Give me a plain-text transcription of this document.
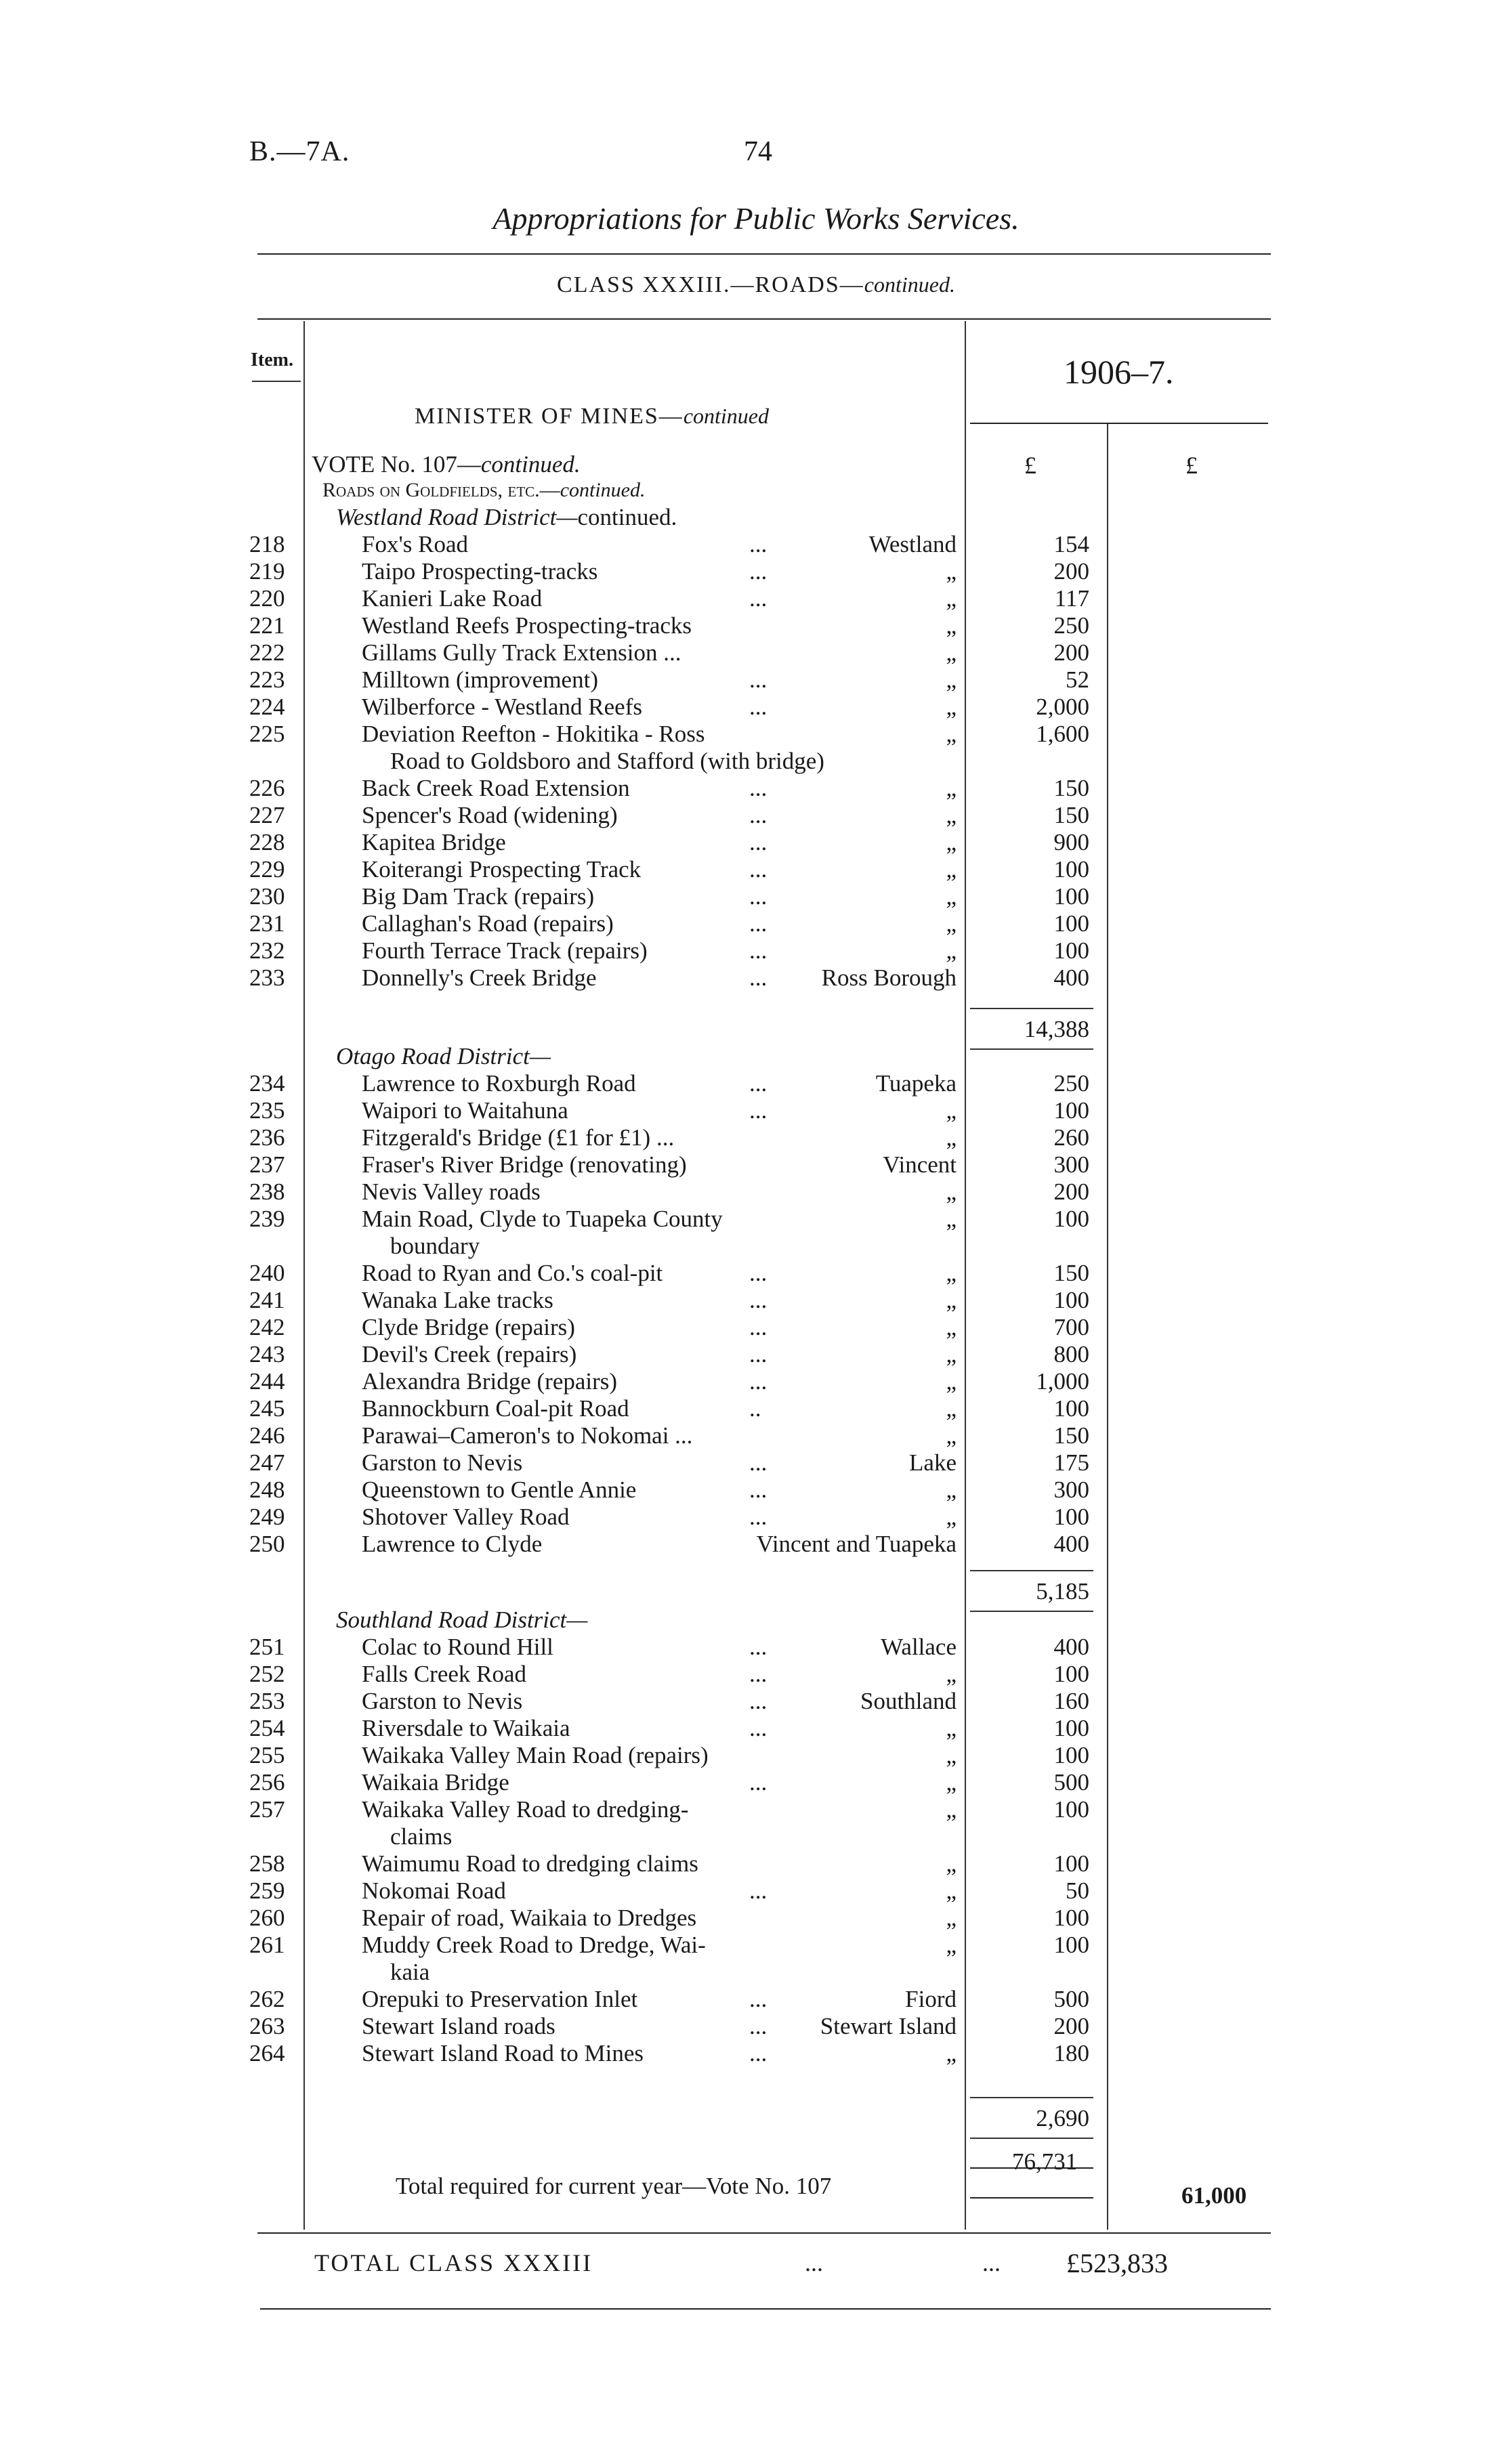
B.—7A.	74
Appropriations for Public Works Services.
CLASS XXXIII.—ROADS—continued.
Item.	1906–7.
MINISTER OF MINES—continued
£	£
VOTE No. 107—continued.
Roads on Goldfields, etc.—continued.
Westland Road District—continued.
218	Fox's Road	...	Westland	154
219	Taipo Prospecting-tracks	...	„	200
220	Kanieri Lake Road	...	„	117
221	Westland Reefs Prospecting-tracks	„	250
222	Gillams Gully Track Extension ...	„	200
223	Milltown (improvement)	...	„	52
224	Wilberforce - Westland Reefs	...	„	2,000
225	Deviation Reefton - Hokitika - Ross	„	1,600
Road to Goldsboro and Stafford (with bridge)
226	Back Creek Road Extension	...	„	150
227	Spencer's Road (widening)	...	„	150
228	Kapitea Bridge	...	„	900
229	Koiterangi Prospecting Track	...	„	100
230	Big Dam Track (repairs)	...	„	100
231	Callaghan's Road (repairs)	...	„	100
232	Fourth Terrace Track (repairs)	...	„	100
233	Donnelly's Creek Bridge	... Ross Borough	400
14,388
Otago Road District—
234	Lawrence to Roxburgh Road	...	Tuapeka	250
235	Waipori to Waitahuna	...	„	100
236	Fitzgerald's Bridge (£1 for £1) ...	„	260
237	Fraser's River Bridge (renovating)	Vincent	300
238	Nevis Valley roads	„	200
239	Main Road, Clyde to Tuapeka County	„	100
boundary
240	Road to Ryan and Co.'s coal-pit	...	„	150
241	Wanaka Lake tracks	...	„	100
242	Clyde Bridge (repairs)	...	„	700
243	Devil's Creek (repairs)	...	„	800
244	Alexandra Bridge (repairs)	...	„	1,000
245	Bannockburn Coal-pit Road	..	„	100
246	Parawai–Cameron's to Nokomai ...	„	150
247	Garston to Nevis	...	Lake	175
248	Queenstown to Gentle Annie	...	„	300
249	Shotover Valley Road	...	„	100
250	Lawrence to Clyde	Vincent and Tuapeka	400
5,185
Southland Road District—
251	Colac to Round Hill	...	Wallace	400
252	Falls Creek Road	...	„	100
253	Garston to Nevis	...	Southland	160
254	Riversdale to Waikaia	...	„	100
255	Waikaka Valley Main Road (repairs)	„	100
256	Waikaia Bridge	...	„	500
257	Waikaka Valley Road to dredging-	„	100
claims
258	Waimumu Road to dredging claims	„	100
259	Nokomai Road	...	„	50
260	Repair of road, Waikaia to Dredges	„	100
261	Muddy Creek Road to Dredge, Wai-	„	100
kaia
262	Orepuki to Preservation Inlet	...	Fiord	500
263	Stewart Island roads	... Stewart Island	200
264	Stewart Island Road to Mines	...	„	180
2,690
76,731
Total required for current year—Vote No. 107	61,000
TOTAL CLASS XXXIII	...	... £523,833
